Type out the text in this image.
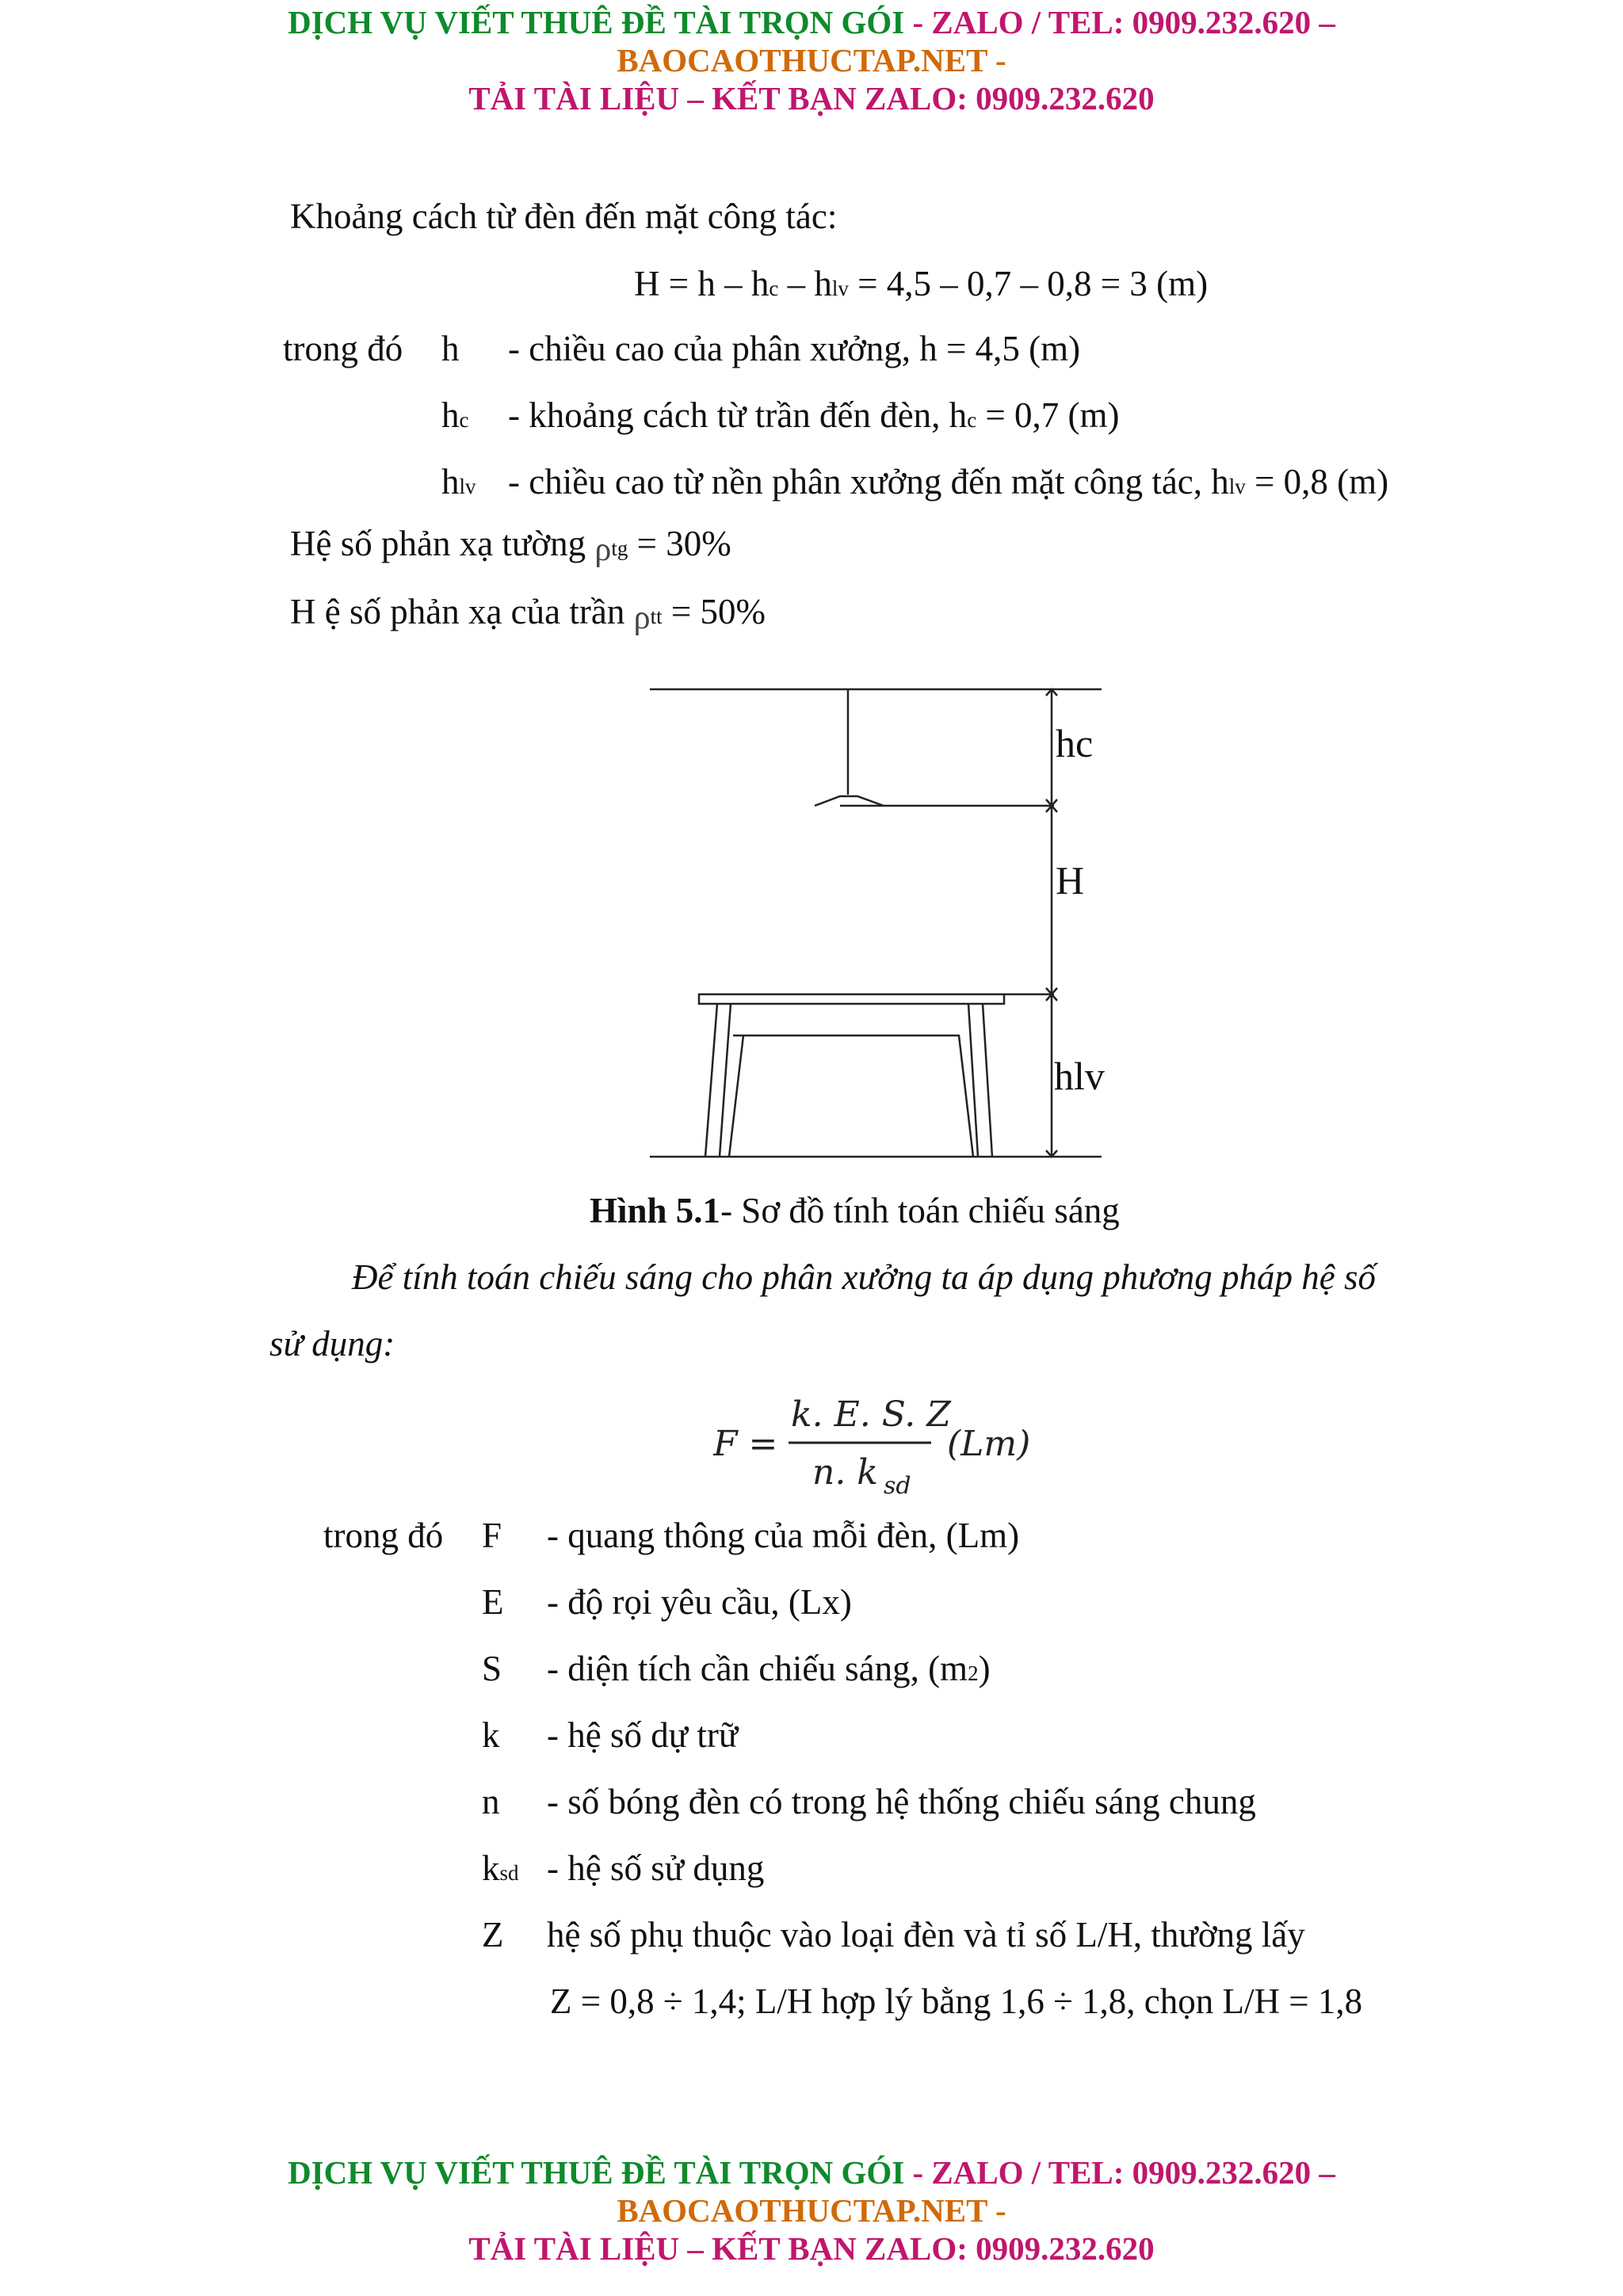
DỊCH VỤ VIẾT THUÊ ĐỀ TÀI TRỌN GÓI - ZALO / TEL: 0909.232.620 –
BAOCAOTHUCTAP.NET -
TẢI TÀI LIỆU – KẾT BẠN ZALO: 0909.232.620
Khoảng cách từ đèn đến mặt công tác:
H = h – hc – hlv = 4,5 – 0,7 – 0,8 = 3 (m)
trong đó h - chiều cao của phân xưởng, h = 4,5 (m)
hc - khoảng cách từ trần đến đèn, hc = 0,7 (m)
hlv - chiều cao từ nền phân xưởng đến mặt công tác, hlv = 0,8 (m)
Hệ số phản xạ tường ρtg = 30%
H ệ số phản xạ của trần ρtt = 50%
hc
H
hlv
Hình 5.1- Sơ đồ tính toán chiếu sáng
Để tính toán chiếu sáng cho phân xưởng ta áp dụng phương pháp hệ số
sử dụng:
F =
k. E. S. Z
n. k sd
(Lm)
trong đó F - quang thông của mỗi đèn, (Lm)
E - độ rọi yêu cầu, (Lx)
S - diện tích cần chiếu sáng, (m2)
k - hệ số dự trữ
n - số bóng đèn có trong hệ thống chiếu sáng chung
ksd - hệ số sử dụng
Z hệ số phụ thuộc vào loại đèn và tỉ số L/H, thường lấy
Z = 0,8 ÷ 1,4; L/H hợp lý bằng 1,6 ÷ 1,8, chọn L/H = 1,8
DỊCH VỤ VIẾT THUÊ ĐỀ TÀI TRỌN GÓI - ZALO / TEL: 0909.232.620 –
BAOCAOTHUCTAP.NET -
TẢI TÀI LIỆU – KẾT BẠN ZALO: 0909.232.620
